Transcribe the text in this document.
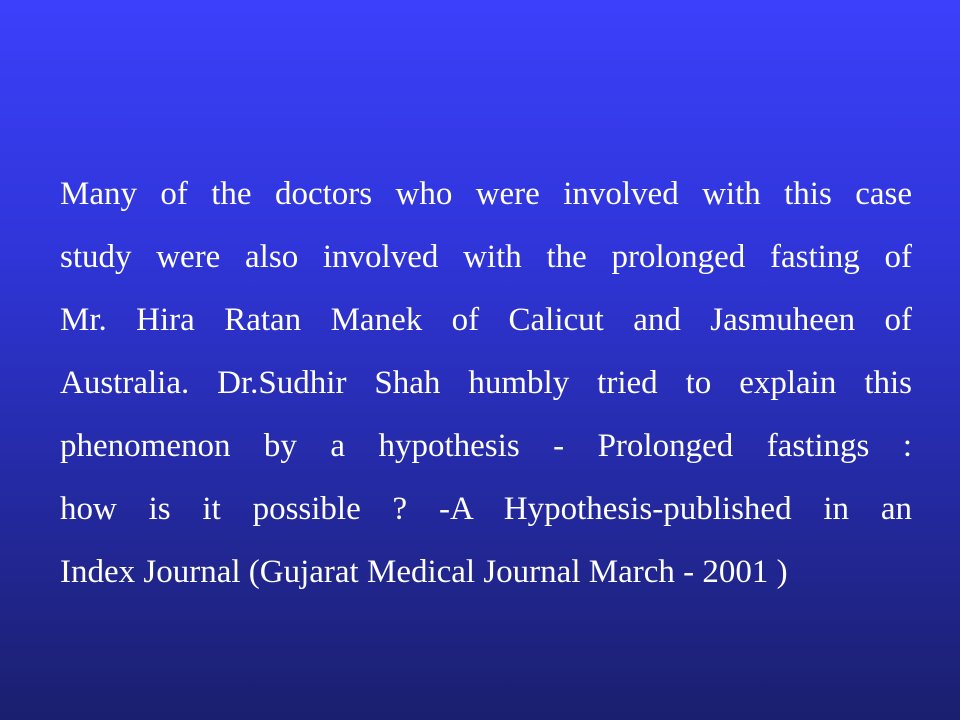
Many of the doctors who were involved with this case
study were also involved with the prolonged fasting of
Mr. Hira Ratan Manek of Calicut and Jasmuheen of
Australia. Dr.Sudhir Shah humbly tried to explain this
phenomenon by a hypothesis - Prolonged fastings :
how is it possible ? -A Hypothesis-published in an
Index Journal (Gujarat Medical Journal March - 2001 )
